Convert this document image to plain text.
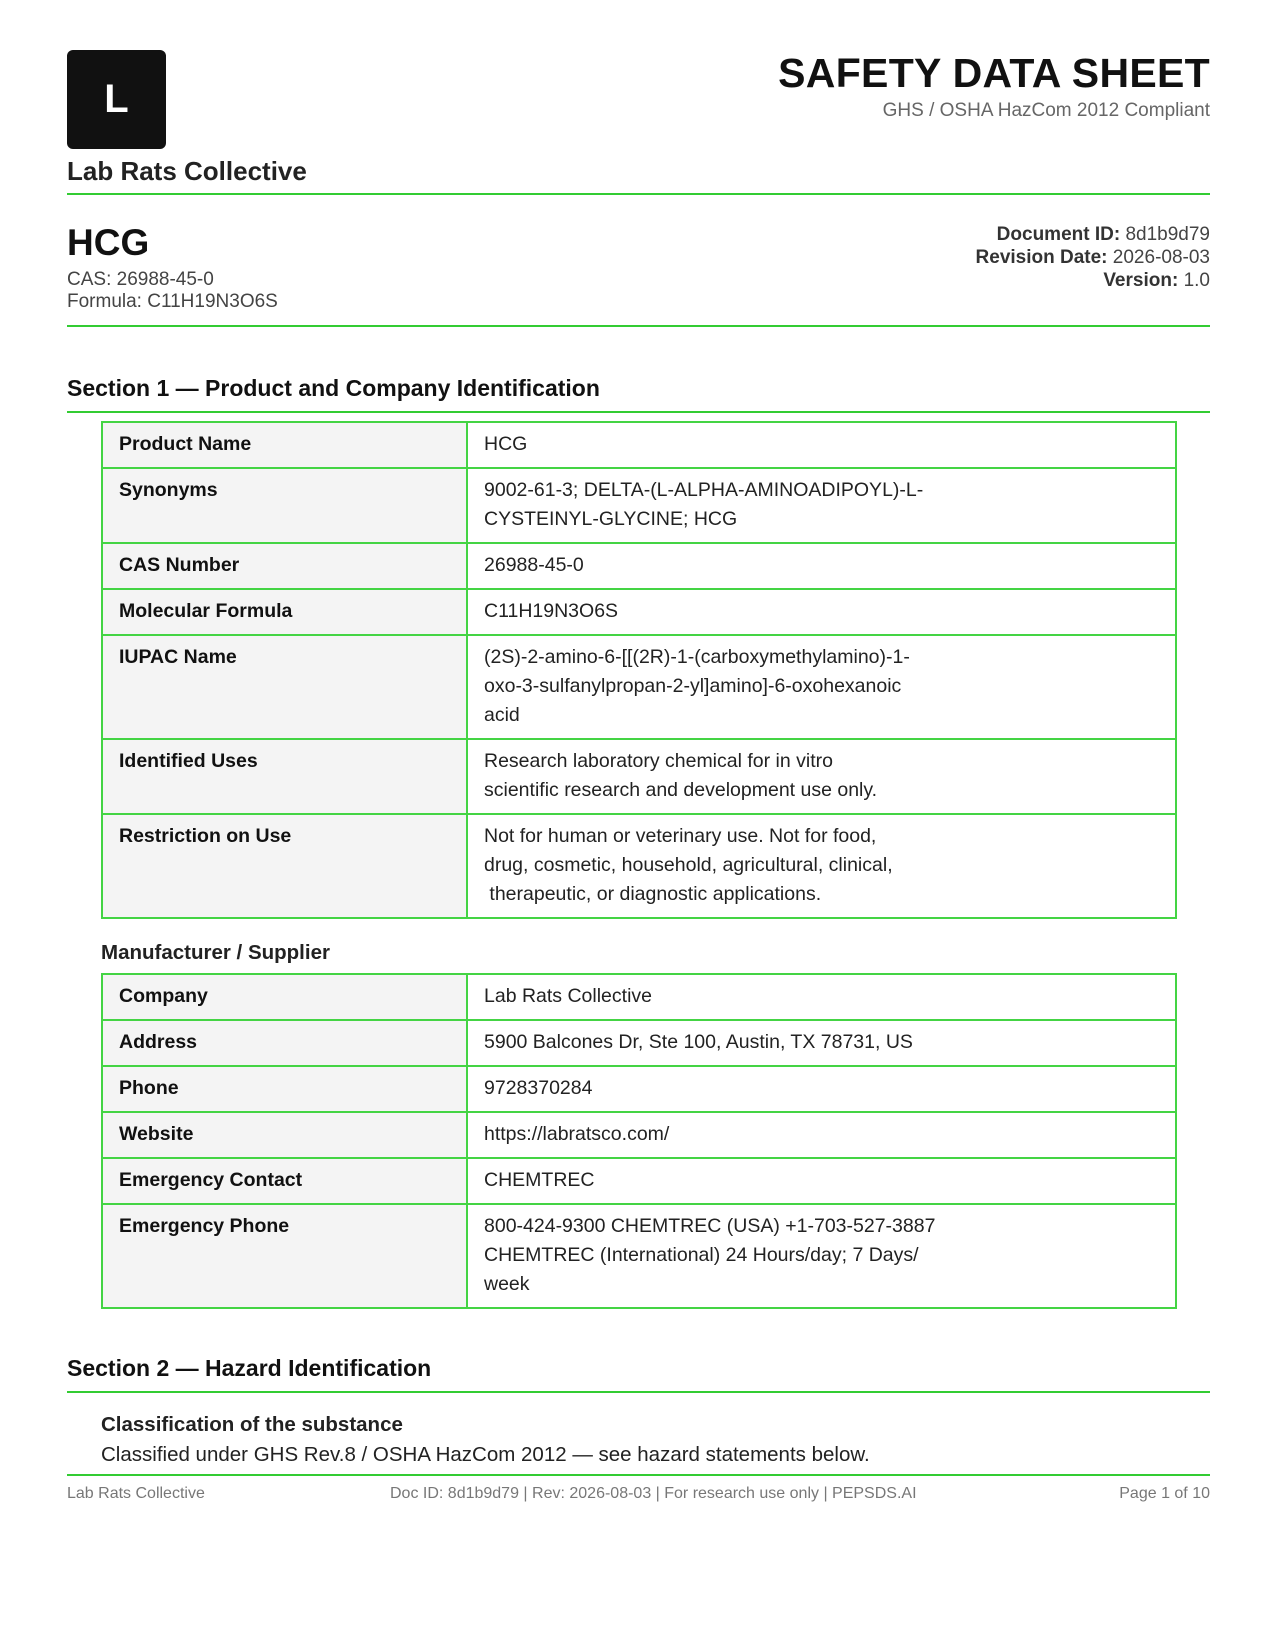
L
Lab Rats Collective
SAFETY DATA SHEET
GHS / OSHA HazCom 2012 Compliant
HCG
CAS: 26988-45-0
Formula: C11H19N3O6S
Document ID: 8d1b9d79
Revision Date: 2026-08-03
Version: 1.0
Section 1 — Product and Company Identification
Product Name	HCG
Synonyms	9002-61-3; DELTA-(L-ALPHA-AMINOADIPOYL)-L-
CYSTEINYL-GLYCINE; HCG
CAS Number	26988-45-0
Molecular Formula	C11H19N3O6S
IUPAC Name	(2S)-2-amino-6-[[(2R)-1-(carboxymethylamino)-1-
oxo-3-sulfanylpropan-2-yl]amino]-6-oxohexanoic
acid
Identified Uses	Research laboratory chemical for in vitro
scientific research and development use only.
Restriction on Use	Not for human or veterinary use. Not for food,
drug, cosmetic, household, agricultural, clinical,
therapeutic, or diagnostic applications.
Manufacturer / Supplier
Company	Lab Rats Collective
Address	5900 Balcones Dr, Ste 100, Austin, TX 78731, US
Phone	9728370284
Website	https://labratsco.com/
Emergency Contact	CHEMTREC
Emergency Phone	800-424-9300 CHEMTREC (USA) +1-703-527-3887
CHEMTREC (International) 24 Hours/day; 7 Days/
week
Section 2 — Hazard Identification
Classification of the substance
Classified under GHS Rev.8 / OSHA HazCom 2012 — see hazard statements below.
Lab Rats Collective	Doc ID: 8d1b9d79 | Rev: 2026-08-03 | For research use only | PEPSDS.AI	Page 1 of 10
